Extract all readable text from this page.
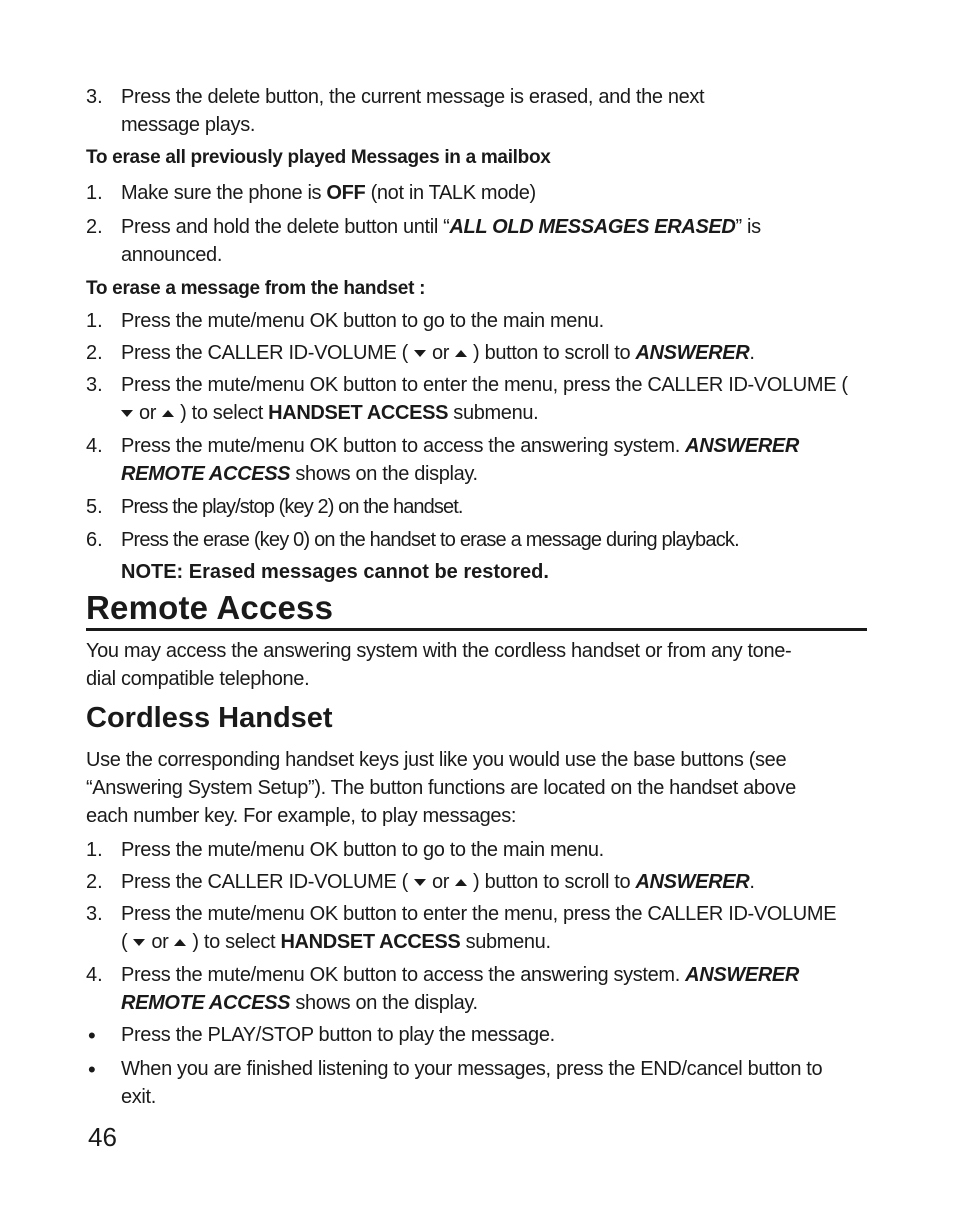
3. Press the delete button, the current message is erased, and the next
message plays.
To erase all previously played Messages in a mailbox
1. Make sure the phone is OFF (not in TALK mode)
2. Press and hold the delete button until “ALL OLD MESSAGES ERASED” is
announced.
To erase a message from the handset :
1. Press the mute/menu OK button to go to the main menu.
2. Press the CALLER ID-VOLUME ( or ) button to scroll to ANSWERER.
3. Press the mute/menu OK button to enter the menu, press the CALLER ID-VOLUME (
or ) to select HANDSET ACCESS submenu.
4. Press the mute/menu OK button to access the answering system. ANSWERER
REMOTE ACCESS shows on the display.
5. Press the play/stop (key 2) on the handset.
6. Press the erase (key 0) on the handset to erase a message during playback.
NOTE: Erased messages cannot be restored.
Remote Access
You may access the answering system with the cordless handset or from any tone-
dial compatible telephone.
Cordless Handset
Use the corresponding handset keys just like you would use the base buttons (see
“Answering System Setup”). The button functions are located on the handset above
each number key. For example, to play messages:
1. Press the mute/menu OK button to go to the main menu.
2. Press the CALLER ID-VOLUME ( or ) button to scroll to ANSWERER.
3. Press the mute/menu OK button to enter the menu, press the CALLER ID-VOLUME
( or ) to select HANDSET ACCESS submenu.
4. Press the mute/menu OK button to access the answering system. ANSWERER
REMOTE ACCESS shows on the display.
• Press the PLAY/STOP button to play the message.
• When you are finished listening to your messages, press the END/cancel button to
exit.
46
